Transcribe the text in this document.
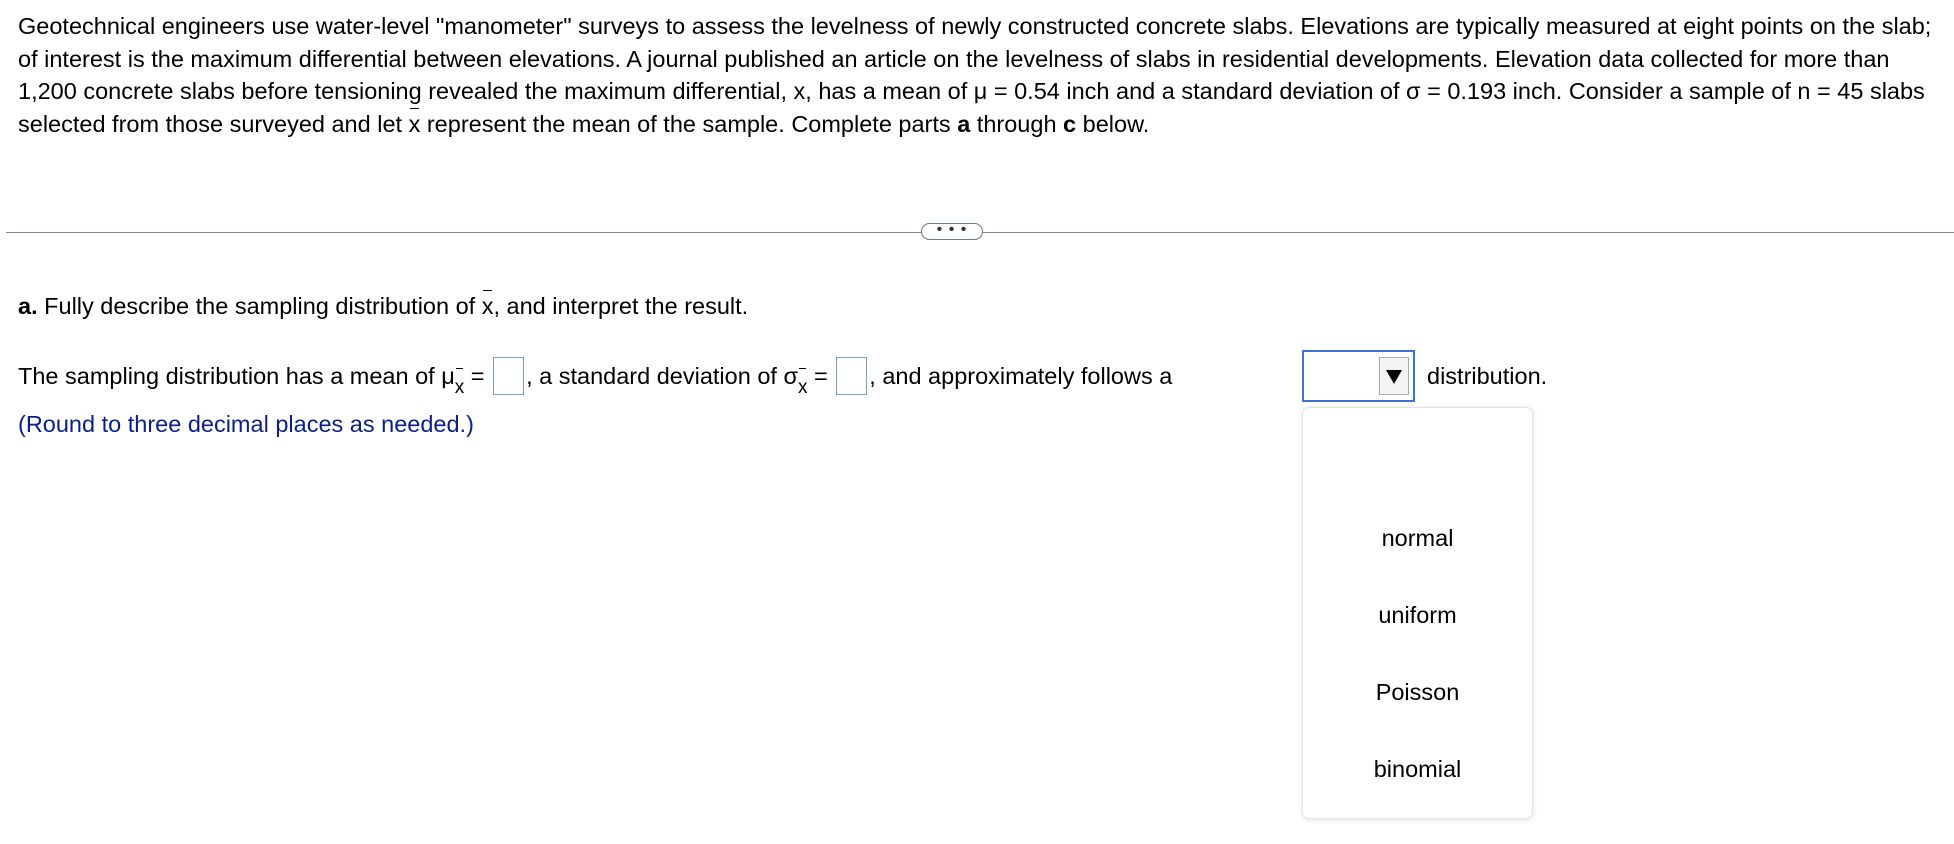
Geotechnical engineers use water-level "manometer" surveys to assess the levelness of newly constructed concrete slabs. Elevations are typically measured at eight points on the slab; of interest is the maximum differential between elevations. A journal published an article on the levelness of slabs in residential developments. Elevation data collected for more than 1,200 concrete slabs before tensioning revealed the maximum differential, x, has a mean of μ = 0.54 inch and a standard deviation of σ = 0.193 inch. Consider a sample of n = 45 slabs selected from those surveyed and let x represent the mean of the sample. Complete parts a through c below.
• • •
a. Fully describe the sampling distribution of x, and interpret the result.
The sampling distribution has a mean of μx = , a standard deviation of σx = , and approximately follows a	distribution.
(Round to three decimal places as needed.)
normal
uniform
Poisson
binomial
